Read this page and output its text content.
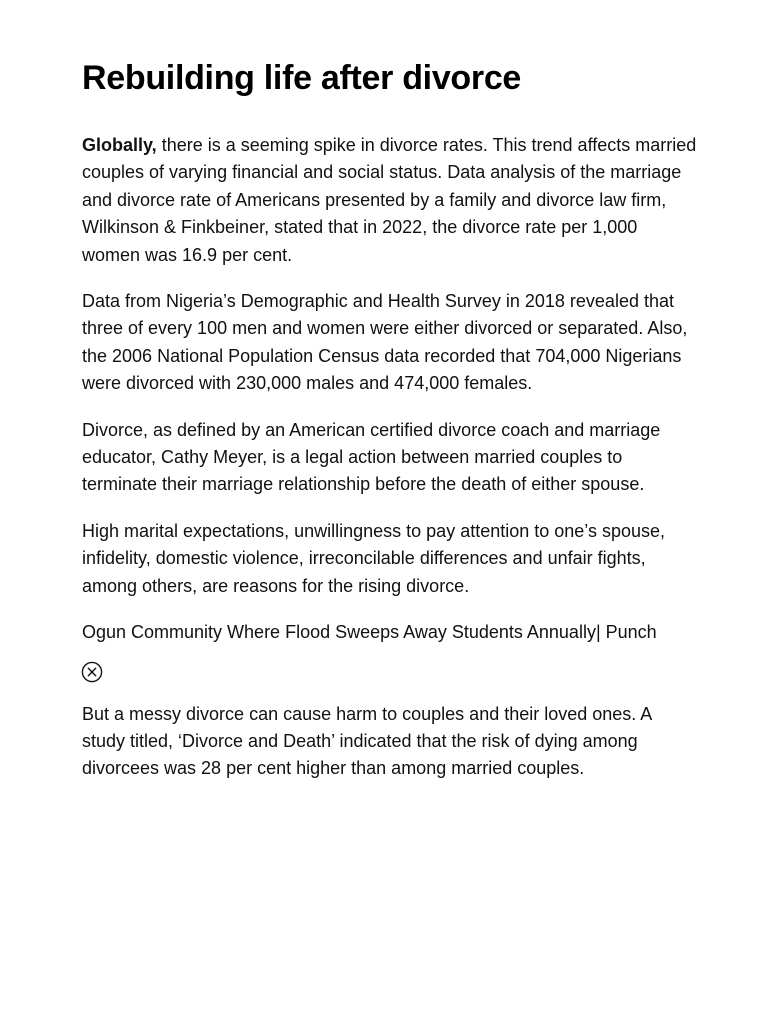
Rebuilding life after divorce

Globally, there is a seeming spike in divorce rates. This trend affects married couples of varying financial and social status. Data analysis of the marriage and divorce rate of Americans presented by a family and divorce law firm, Wilkinson & Finkbeiner, stated that in 2022, the divorce rate per 1,000 women was 16.9 per cent.

Data from Nigeria’s Demographic and Health Survey in 2018 revealed that three of every 100 men and women were either divorced or separated. Also, the 2006 National Population Census data recorded that 704,000 Nigerians were divorced with 230,000 males and 474,000 females.

Divorce, as defined by an American certified divorce coach and marriage educator, Cathy Meyer, is a legal action between married couples to terminate their marriage relationship before the death of either spouse.

High marital expectations, unwillingness to pay attention to one’s spouse, infidelity, domestic violence, irreconcilable differences and unfair fights, among others, are reasons for the rising divorce.

Ogun Community Where Flood Sweeps Away Students Annually| Punch

But a messy divorce can cause harm to couples and their loved ones. A study titled, ‘Divorce and Death’ indicated that the risk of dying among divorcees was 28 per cent higher than among married couples.
